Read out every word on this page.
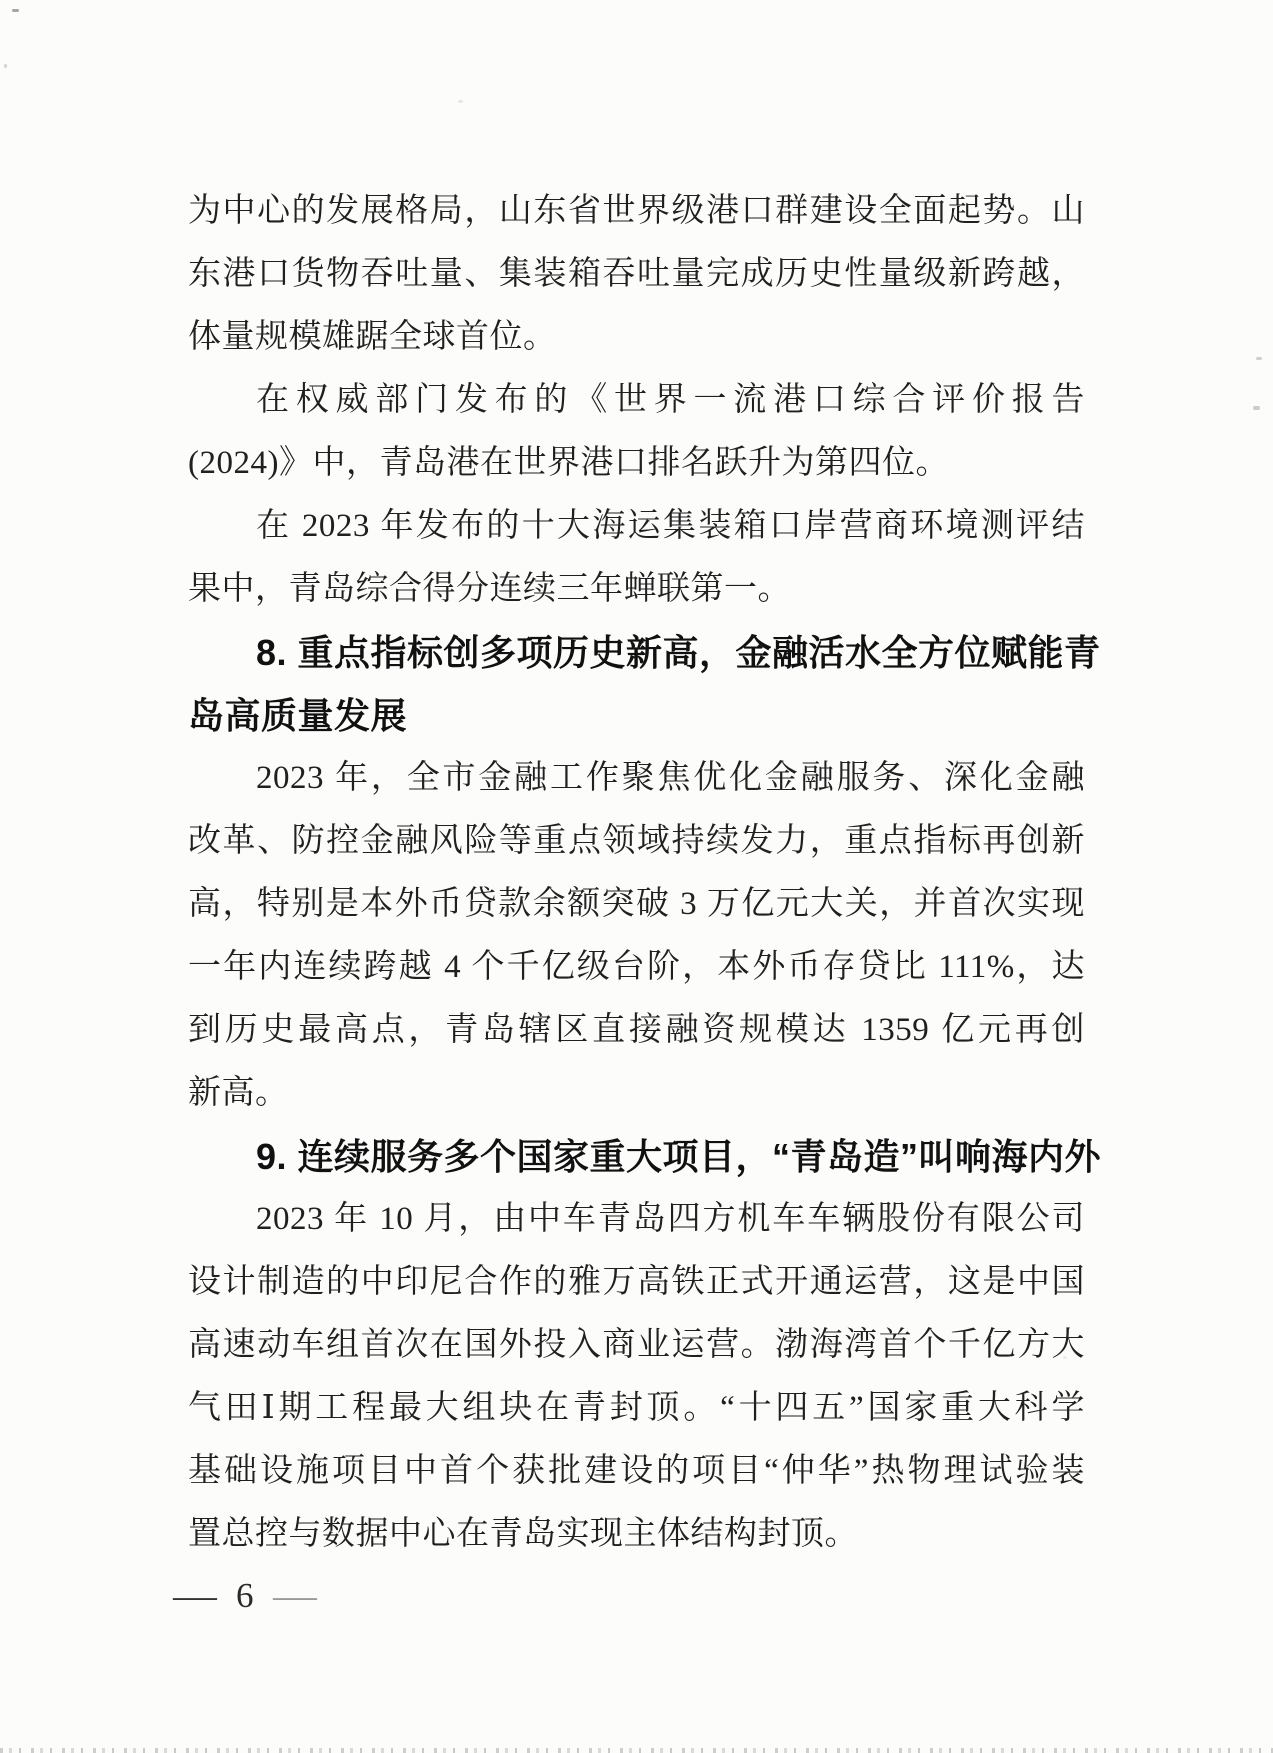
为中心的发展格局，山东省世界级港口群建设全面起势。山
东港口货物吞吐量、集装箱吞吐量完成历史性量级新跨越，
体量规模雄踞全球首位。
在权威部门发布的《世界一流港口综合评价报告
(2024)》中，青岛港在世界港口排名跃升为第四位。
在 2023 年发布的十大海运集装箱口岸营商环境测评结
果中，青岛综合得分连续三年蝉联第一。
8. 重点指标创多项历史新高，金融活水全方位赋能青
岛高质量发展
2023 年，全市金融工作聚焦优化金融服务、深化金融
改革、防控金融风险等重点领域持续发力，重点指标再创新
高，特别是本外币贷款余额突破 3 万亿元大关，并首次实现
一年内连续跨越 4 个千亿级台阶，本外币存贷比 111%，达
到历史最高点，青岛辖区直接融资规模达 1359 亿元再创
新高。
9. 连续服务多个国家重大项目，“青岛造”叫响海内外
2023 年 10 月，由中车青岛四方机车车辆股份有限公司
设计制造的中印尼合作的雅万高铁正式开通运营，这是中国
高速动车组首次在国外投入商业运营。渤海湾首个千亿方大
气田Ⅰ期工程最大组块在青封顶。“十四五”国家重大科学
基础设施项目中首个获批建设的项目“仲华”热物理试验装
置总控与数据中心在青岛实现主体结构封顶。
— 6 —
